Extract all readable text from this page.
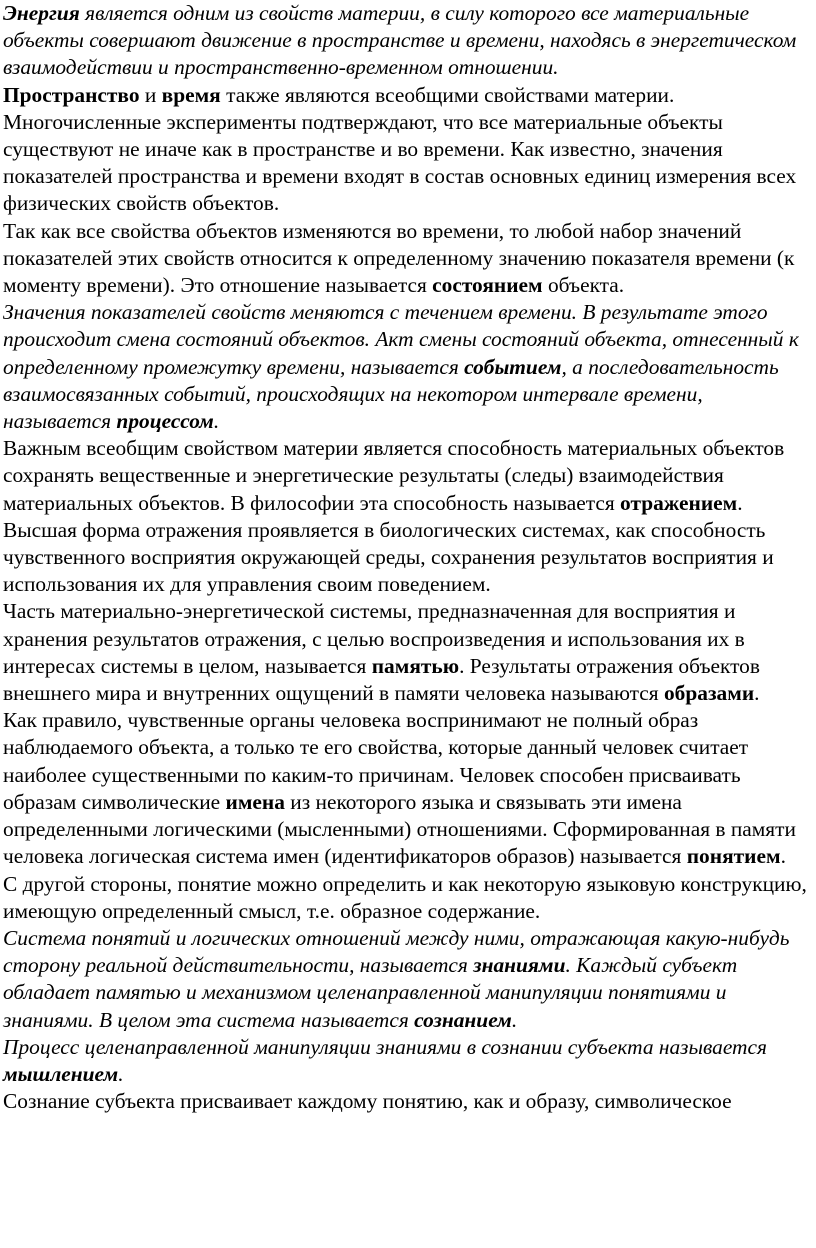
Энергия является одним из свойств материи, в силу которого все материальные объекты совершают движение в пространстве и времени, находясь в энергетическом взаимодействии и пространственно-временном отношении.

Пространство и время также являются всеобщими свойствами материи. Многочисленные эксперименты подтверждают, что все материальные объекты существуют не иначе как в пространстве и во времени. Как известно, значения показателей пространства и времени входят в состав основных единиц измерения всех физических свойств объектов.

Так как все свойства объектов изменяются во времени, то любой набор значений показателей этих свойств относится к определенному значению показателя времени (к моменту времени). Это отношение называется состоянием объекта.

Значения показателей свойств меняются с течением времени. В результате этого происходит смена состояний объектов. Акт смены состояний объекта, отнесенный к определенному промежутку времени, называется событием, а последовательность взаимосвязанных событий, происходящих на некотором интервале времени, называется процессом.

Важным всеобщим свойством материи является способность материальных объектов сохранять вещественные и энергетические результаты (следы) взаимодействия материальных объектов. В философии эта способность называется отражением. Высшая форма отражения проявляется в биологических системах, как способность чувственного восприятия окружающей среды, сохранения результатов восприятия и использования их для управления своим поведением.

Часть материально-энергетической системы, предназначенная для восприятия и хранения результатов отражения, с целью воспроизведения и использования их в интересах системы в целом, называется памятью. Результаты отражения объектов внешнего мира и внутренних ощущений в памяти человека называются образами.

Как правило, чувственные органы человека воспринимают не полный образ наблюдаемого объекта, а только те его свойства, которые данный человек считает наиболее существенными по каким-то причинам. Человек способен присваивать образам символические имена из некоторого языка и связывать эти имена определенными логическими (мысленными) отношениями. Сформированная в памяти человека логическая система имен (идентификаторов образов) называется понятием.

С другой стороны, понятие можно определить и как некоторую языковую конструкцию, имеющую определенный смысл, т.е. образное содержание.

Система понятий и логических отношений между ними, отражающая какую-нибудь сторону реальной действительности, называется знаниями. Каждый субъект обладает памятью и механизмом целенаправленной манипуляции понятиями и знаниями. В целом эта система называется сознанием.

Процесс целенаправленной манипуляции знаниями в сознании субъекта называется мышлением.

Сознание субъекта присваивает каждому понятию, как и образу, символическое
